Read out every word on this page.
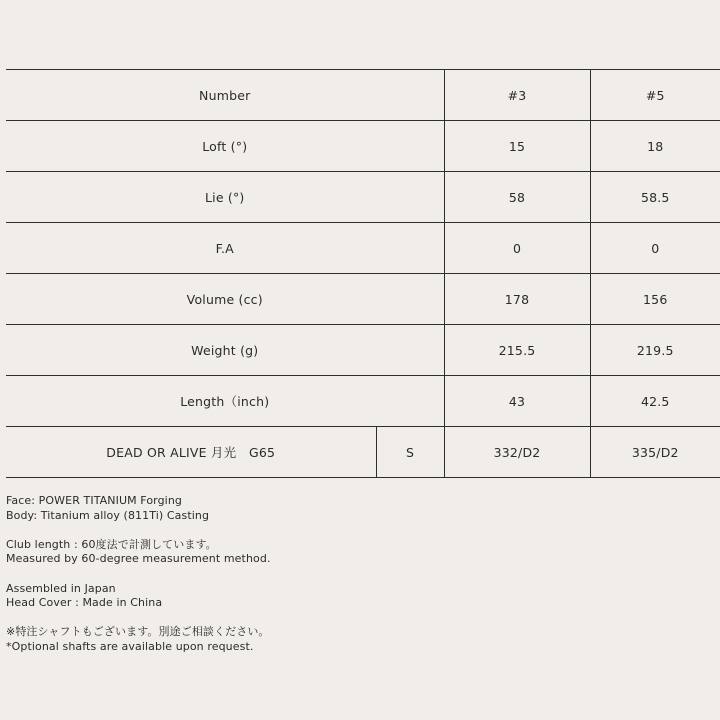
Number		#3	#5
Loft (°)		15	18
Lie (°)		58	58.5
F.A		0	0
Volume (cc)		178	156
Weight (g)		215.5	219.5
Length（inch)		43	42.5
DEAD OR ALIVE 月光　G65	S	332/D2	335/D2
Face: POWER TITANIUM Forging
Body: Titanium alloy (811Ti) Casting
Club length : 60度法で計測しています。
Measured by 60-degree measurement method.
Assembled in Japan
Head Cover : Made in China
※特注シャフトもございます。別途ご相談ください。
*Optional shafts are available upon request.
